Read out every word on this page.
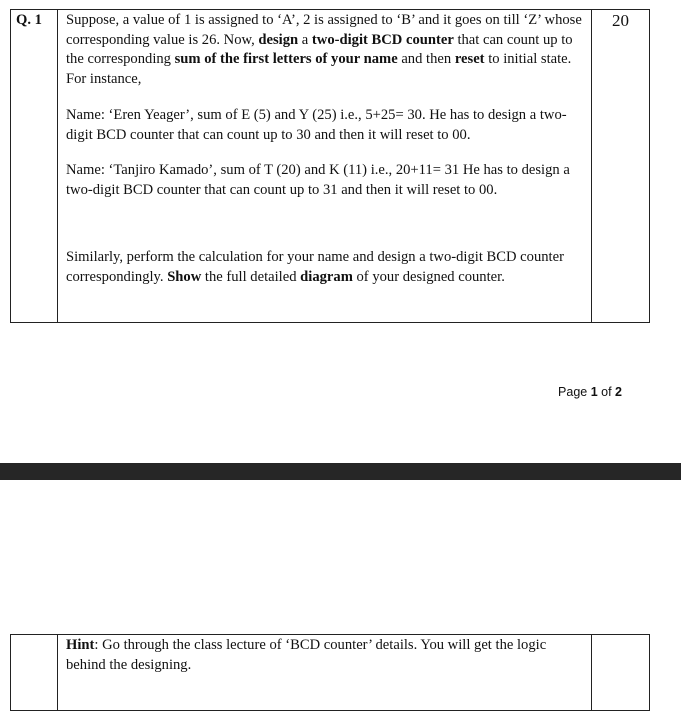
Q. 1 Suppose, a value of 1 is assigned to ‘A’, 2 is assigned to ‘B’ and it goes on till ‘Z’ whose corresponding value is 26. Now, design a two-digit BCD counter that can count up to the corresponding sum of the first letters of your name and then reset to initial state. For instance,

Name: ‘Eren Yeager’, sum of E (5) and Y (25) i.e., 5+25= 30. He has to design a two-digit BCD counter that can count up to 30 and then it will reset to 00.

Name: ‘Tanjiro Kamado’, sum of T (20) and K (11) i.e., 20+11= 31 He has to design a two-digit BCD counter that can count up to 31 and then it will reset to 00.

Similarly, perform the calculation for your name and design a two-digit BCD counter correspondingly. Show the full detailed diagram of your designed counter.

20
Page 1 of 2

Hint: Go through the class lecture of ‘BCD counter’ details. You will get the logic behind the designing.
